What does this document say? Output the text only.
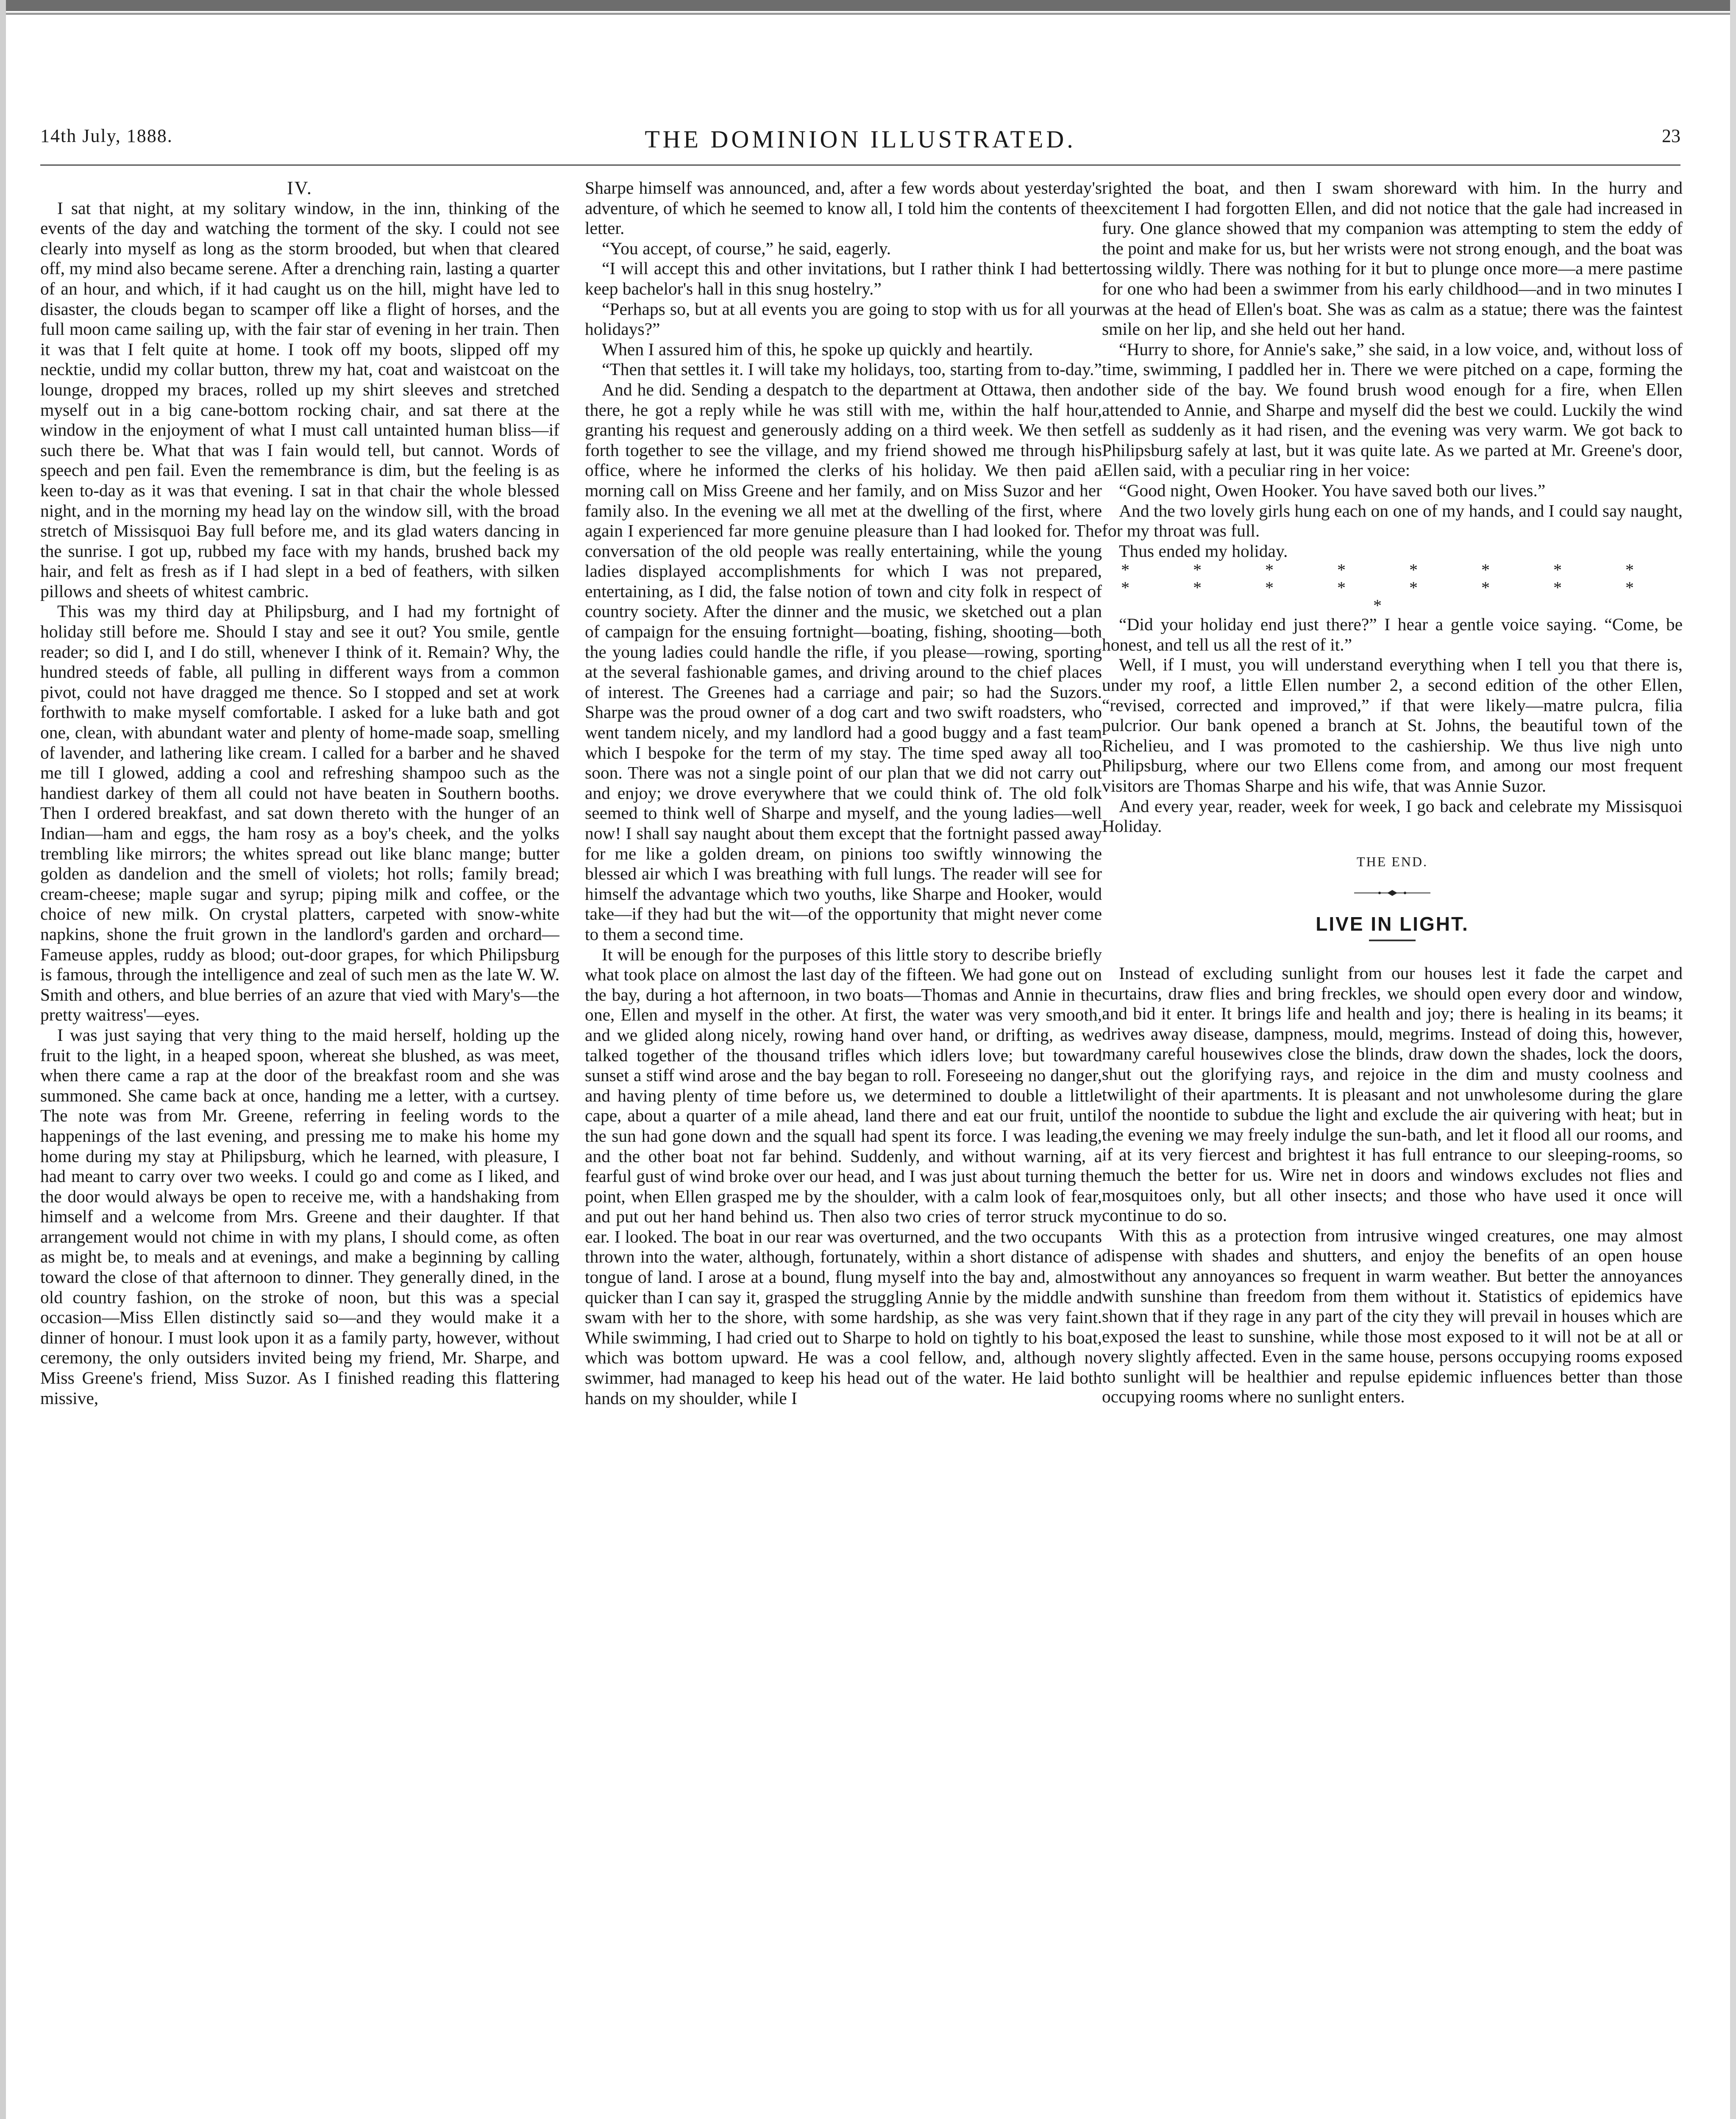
14th July, 1888.	THE DOMINION ILLUSTRATED.	23
IV.

I sat that night, at my solitary window, in the inn, thinking of the events of the day and watching the torment of the sky. I could not see clearly into myself as long as the storm brooded, but when that cleared off, my mind also became serene. After a drenching rain, lasting a quarter of an hour, and which, if it had caught us on the hill, might have led to disaster, the clouds began to scamper off like a flight of horses, and the full moon came sailing up, with the fair star of evening in her train. Then it was that I felt quite at home. I took off my boots, slipped off my necktie, undid my collar button, threw my hat, coat and waistcoat on the lounge, dropped my braces, rolled up my shirt sleeves and stretched myself out in a big cane-bottom rocking chair, and sat there at the window in the enjoyment of what I must call untainted human bliss—if such there be. What that was I fain would tell, but cannot. Words of speech and pen fail. Even the remembrance is dim, but the feeling is as keen to-day as it was that evening. I sat in that chair the whole blessed night, and in the morning my head lay on the window sill, with the broad stretch of Missisquoi Bay full before me, and its glad waters dancing in the sunrise. I got up, rubbed my face with my hands, brushed back my hair, and felt as fresh as if I had slept in a bed of feathers, with silken pillows and sheets of whitest cambric.

This was my third day at Philipsburg, and I had my fortnight of holiday still before me. Should I stay and see it out? You smile, gentle reader; so did I, and I do still, whenever I think of it. Remain? Why, the hundred steeds of fable, all pulling in different ways from a common pivot, could not have dragged me thence. So I stopped and set at work forthwith to make myself comfortable. I asked for a luke bath and got one, clean, with abundant water and plenty of home-made soap, smelling of lavender, and lathering like cream. I called for a barber and he shaved me till I glowed, adding a cool and refreshing shampoo such as the handiest darkey of them all could not have beaten in Southern booths. Then I ordered breakfast, and sat down thereto with the hunger of an Indian—ham and eggs, the ham rosy as a boy's cheek, and the yolks trembling like mirrors; the whites spread out like blanc mange; butter golden as dandelion and the smell of violets; hot rolls; family bread; cream-cheese; maple sugar and syrup; piping milk and coffee, or the choice of new milk. On crystal platters, carpeted with snow-white napkins, shone the fruit grown in the landlord's garden and orchard—Fameuse apples, ruddy as blood; out-door grapes, for which Philipsburg is famous, through the intelligence and zeal of such men as the late W. W. Smith and others, and blue berries of an azure that vied with Mary's—the pretty waitress'—eyes.

I was just saying that very thing to the maid herself, holding up the fruit to the light, in a heaped spoon, whereat she blushed, as was meet, when there came a rap at the door of the breakfast room and she was summoned. She came back at once, handing me a letter, with a curtsey. The note was from Mr. Greene, referring in feeling words to the happenings of the last evening, and pressing me to make his home my home during my stay at Philipsburg, which he learned, with pleasure, I had meant to carry over two weeks. I could go and come as I liked, and the door would always be open to receive me, with a handshaking from himself and a welcome from Mrs. Greene and their daughter. If that arrangement would not chime in with my plans, I should come, as often as might be, to meals and at evenings, and make a beginning by calling toward the close of that afternoon to dinner. They generally dined, in the old country fashion, on the stroke of noon, but this was a special occasion—Miss Ellen distinctly said so—and they would make it a dinner of honour. I must look upon it as a family party, however, without ceremony, the only outsiders invited being my friend, Mr. Sharpe, and Miss Greene's friend, Miss Suzor. As I finished reading this flattering missive,

Sharpe himself was announced, and, after a few words about yesterday's adventure, of which he seemed to know all, I told him the contents of the letter.

“You accept, of course,” he said, eagerly.

“I will accept this and other invitations, but I rather think I had better keep bachelor's hall in this snug hostelry.”

“Perhaps so, but at all events you are going to stop with us for all your holidays?”

When I assured him of this, he spoke up quickly and heartily.

“Then that settles it. I will take my holidays, too, starting from to-day.”

And he did. Sending a despatch to the department at Ottawa, then and there, he got a reply while he was still with me, within the half hour, granting his request and generously adding on a third week. We then set forth together to see the village, and my friend showed me through his office, where he informed the clerks of his holiday. We then paid a morning call on Miss Greene and her family, and on Miss Suzor and her family also. In the evening we all met at the dwelling of the first, where again I experienced far more genuine pleasure than I had looked for. The conversation of the old people was really entertaining, while the young ladies displayed accomplishments for which I was not prepared, entertaining, as I did, the false notion of town and city folk in respect of country society. After the dinner and the music, we sketched out a plan of campaign for the ensuing fortnight—boating, fishing, shooting—both the young ladies could handle the rifle, if you please—rowing, sporting at the several fashionable games, and driving around to the chief places of interest. The Greenes had a carriage and pair; so had the Suzors. Sharpe was the proud owner of a dog cart and two swift roadsters, who went tandem nicely, and my landlord had a good buggy and a fast team which I bespoke for the term of my stay. The time sped away all too soon. There was not a single point of our plan that we did not carry out and enjoy; we drove everywhere that we could think of. The old folk seemed to think well of Sharpe and myself, and the young ladies—well now! I shall say naught about them except that the fortnight passed away for me like a golden dream, on pinions too swiftly winnowing the blessed air which I was breathing with full lungs. The reader will see for himself the advantage which two youths, like Sharpe and Hooker, would take—if they had but the wit—of the opportunity that might never come to them a second time.

It will be enough for the purposes of this little story to describe briefly what took place on almost the last day of the fifteen. We had gone out on the bay, during a hot afternoon, in two boats—Thomas and Annie in the one, Ellen and myself in the other. At first, the water was very smooth, and we glided along nicely, rowing hand over hand, or drifting, as we talked together of the thousand trifles which idlers love; but toward sunset a stiff wind arose and the bay began to roll. Foreseeing no danger, and having plenty of time before us, we determined to double a little cape, about a quarter of a mile ahead, land there and eat our fruit, until the sun had gone down and the squall had spent its force. I was leading, and the other boat not far behind. Suddenly, and without warning, a fearful gust of wind broke over our head, and I was just about turning the point, when Ellen grasped me by the shoulder, with a calm look of fear, and put out her hand behind us. Then also two cries of terror struck my ear. I looked. The boat in our rear was overturned, and the two occupants thrown into the water, although, fortunately, within a short distance of a tongue of land. I arose at a bound, flung myself into the bay and, almost quicker than I can say it, grasped the struggling Annie by the middle and swam with her to the shore, with some hardship, as she was very faint. While swimming, I had cried out to Sharpe to hold on tightly to his boat, which was bottom upward. He was a cool fellow, and, although no swimmer, had managed to keep his head out of the water. He laid both hands on my shoulder, while I

righted the boat, and then I swam shoreward with him. In the hurry and excitement I had forgotten Ellen, and did not notice that the gale had increased in fury. One glance showed that my companion was attempting to stem the eddy of the point and make for us, but her wrists were not strong enough, and the boat was tossing wildly. There was nothing for it but to plunge once more—a mere pastime for one who had been a swimmer from his early childhood—and in two minutes I was at the head of Ellen's boat. She was as calm as a statue; there was the faintest smile on her lip, and she held out her hand.

“Hurry to shore, for Annie's sake,” she said, in a low voice, and, without loss of time, swimming, I paddled her in. There we were pitched on a cape, forming the other side of the bay. We found brush wood enough for a fire, when Ellen attended to Annie, and Sharpe and myself did the best we could. Luckily the wind fell as suddenly as it had risen, and the evening was very warm. We got back to Philipsburg safely at last, but it was quite late. As we parted at Mr. Greene's door, Ellen said, with a peculiar ring in her voice:

“Good night, Owen Hooker. You have saved both our lives.”

And the two lovely girls hung each on one of my hands, and I could say naught, for my throat was full.

Thus ended my holiday.

* * * * * * * *
* * * * * * * * *

“Did your holiday end just there?” I hear a gentle voice saying. “Come, be honest, and tell us all the rest of it.”

Well, if I must, you will understand everything when I tell you that there is, under my roof, a little Ellen number 2, a second edition of the other Ellen, “revised, corrected and improved,” if that were likely—matre pulcra, filia pulcrior. Our bank opened a branch at St. Johns, the beautiful town of the Richelieu, and I was promoted to the cashiership. We thus live nigh unto Philipsburg, where our two Ellens come from, and among our most frequent visitors are Thomas Sharpe and his wife, that was Annie Suzor.

And every year, reader, week for week, I go back and celebrate my Missisquoi Holiday.

THE END.
LIVE IN LIGHT.

Instead of excluding sunlight from our houses lest it fade the carpet and curtains, draw flies and bring freckles, we should open every door and window, and bid it enter. It brings life and health and joy; there is healing in its beams; it drives away disease, dampness, mould, megrims. Instead of doing this, however, many careful housewives close the blinds, draw down the shades, lock the doors, shut out the glorifying rays, and rejoice in the dim and musty coolness and twilight of their apartments. It is pleasant and not unwholesome during the glare of the noontide to subdue the light and exclude the air quivering with heat; but in the evening we may freely indulge the sun-bath, and let it flood all our rooms, and if at its very fiercest and brightest it has full entrance to our sleeping-rooms, so much the better for us. Wire net in doors and windows excludes not flies and mosquitoes only, but all other insects; and those who have used it once will continue to do so.

With this as a protection from intrusive winged creatures, one may almost dispense with shades and shutters, and enjoy the benefits of an open house without any annoyances so frequent in warm weather. But better the annoyances with sunshine than freedom from them without it. Statistics of epidemics have shown that if they rage in any part of the city they will prevail in houses which are exposed the least to sunshine, while those most exposed to it will not be at all or very slightly affected. Even in the same house, persons occupying rooms exposed to sunlight will be healthier and repulse epidemic influences better than those occupying rooms where no sunlight enters.
